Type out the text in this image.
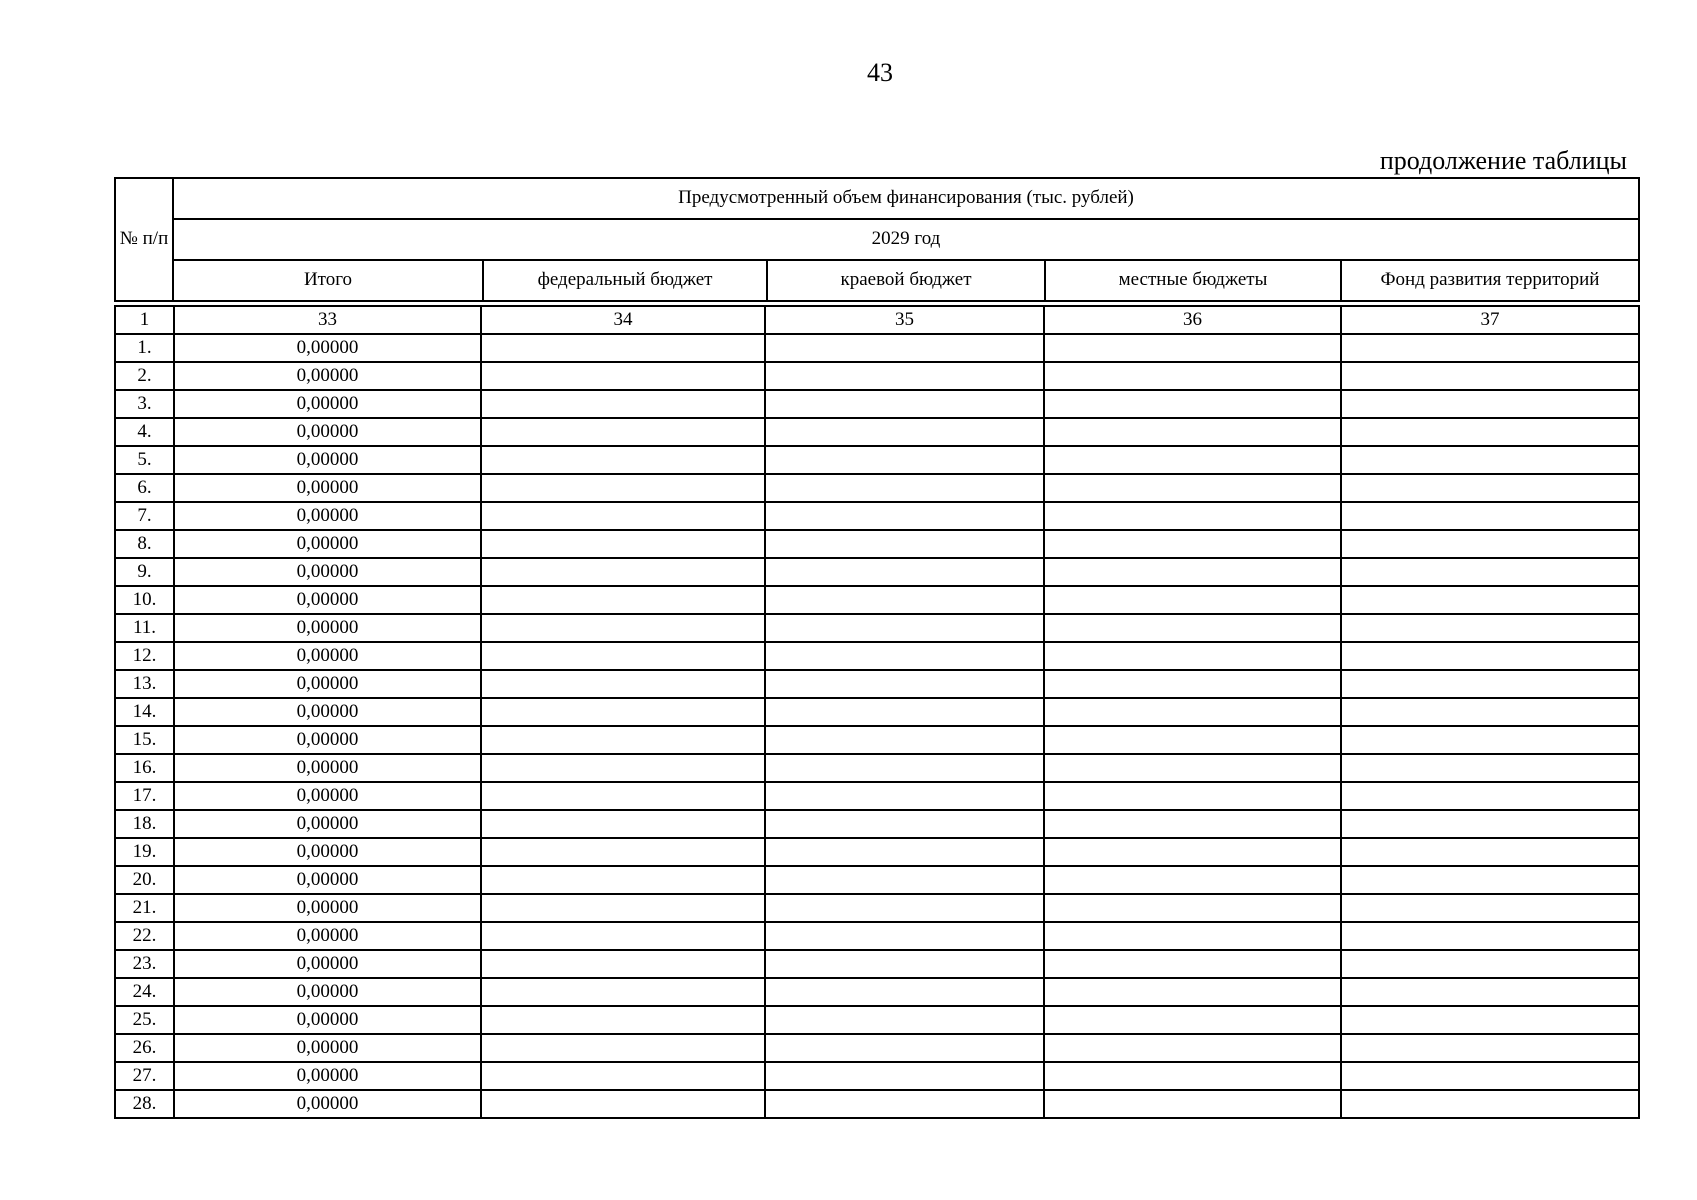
43
продолжение таблицы
№ п/п	Предусмотренный объем финансирования (тыс. рублей)				
	2029 год				
	Итого	федеральный бюджет	краевой бюджет	местные бюджеты	Фонд развития территорий
1	33	34	35	36	37
1.	0,00000				
2.	0,00000				
3.	0,00000				
4.	0,00000				
5.	0,00000				
6.	0,00000				
7.	0,00000				
8.	0,00000				
9.	0,00000				
10.	0,00000				
11.	0,00000				
12.	0,00000				
13.	0,00000				
14.	0,00000				
15.	0,00000				
16.	0,00000				
17.	0,00000				
18.	0,00000				
19.	0,00000				
20.	0,00000				
21.	0,00000				
22.	0,00000				
23.	0,00000				
24.	0,00000				
25.	0,00000				
26.	0,00000				
27.	0,00000				
28.	0,00000				
